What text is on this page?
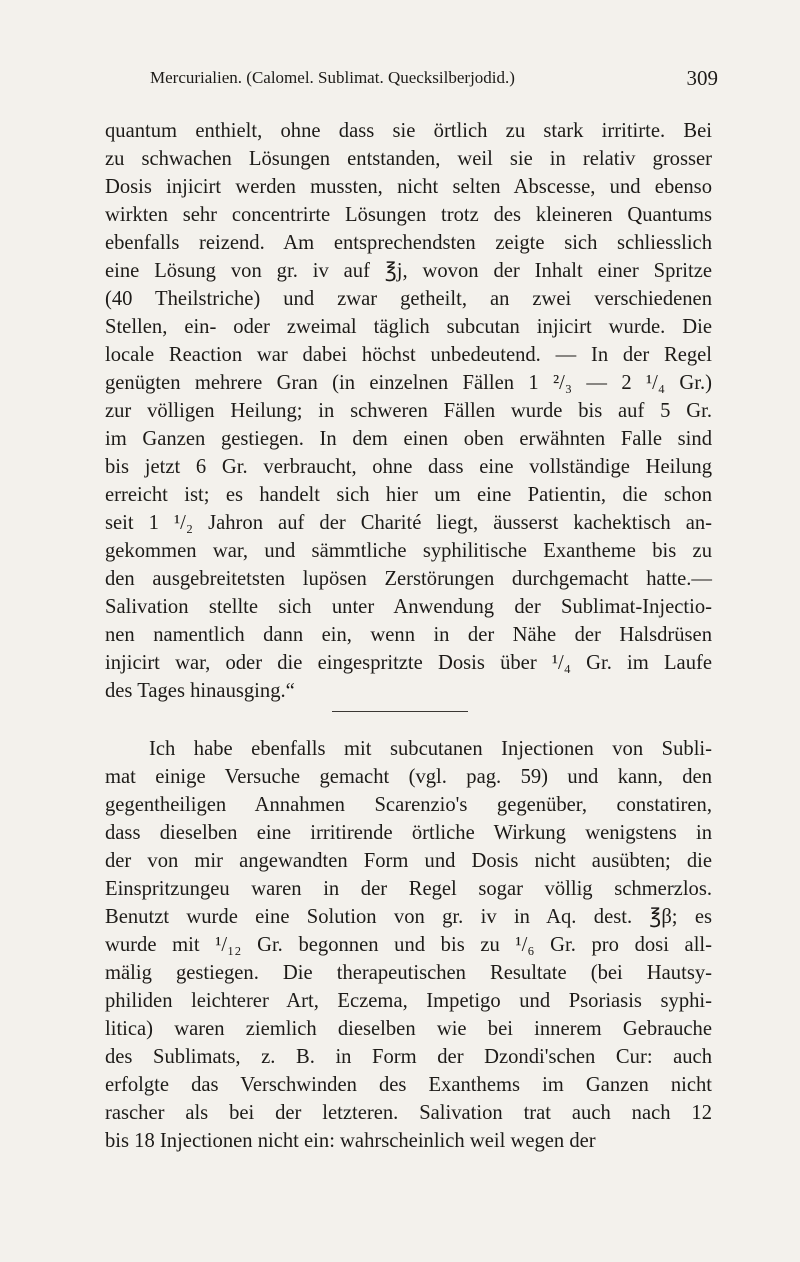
Mercurialien. (Calomel. Sublimat. Quecksilberjodid.)	309
quantum enthielt, ohne dass sie örtlich zu stark irritirte. Bei
zu schwachen Lösungen entstanden, weil sie in relativ grosser
Dosis injicirt werden mussten, nicht selten Abscesse, und ebenso
wirkten sehr concentrirte Lösungen trotz des kleineren Quantums
ebenfalls reizend. Am entsprechendsten zeigte sich schliesslich
eine Lösung von gr. iv auf ℥j, wovon der Inhalt einer Spritze
(40 Theilstriche) und zwar getheilt, an zwei verschiedenen
Stellen, ein- oder zweimal täglich subcutan injicirt wurde. Die
locale Reaction war dabei höchst unbedeutend. — In der Regel
genügten mehrere Gran (in einzelnen Fällen 1 ²/₃ — 2 ¹/₄ Gr.)
zur völligen Heilung; in schweren Fällen wurde bis auf 5 Gr.
im Ganzen gestiegen. In dem einen oben erwähnten Falle sind
bis jetzt 6 Gr. verbraucht, ohne dass eine vollständige Heilung
erreicht ist; es handelt sich hier um eine Patientin, die schon
seit 1 ¹/₂ Jahron auf der Charité liegt, äusserst kachektisch an-
gekommen war, und sämmtliche syphilitische Exantheme bis zu
den ausgebreitetsten lupösen Zerstörungen durchgemacht hatte.—
Salivation stellte sich unter Anwendung der Sublimat-Injectio-
nen namentlich dann ein, wenn in der Nähe der Halsdrüsen
injicirt war, oder die eingespritzte Dosis über ¹/₄ Gr. im Laufe
des Tages hinausging.“
Ich habe ebenfalls mit subcutanen Injectionen von Subli-
mat einige Versuche gemacht (vgl. pag. 59) und kann, den
gegentheiligen Annahmen Scarenzio's gegenüber, constatiren,
dass dieselben eine irritirende örtliche Wirkung wenigstens in
der von mir angewandten Form und Dosis nicht ausübten; die
Einspritzungeu waren in der Regel sogar völlig schmerzlos.
Benutzt wurde eine Solution von gr. iv in Aq. dest. ℥β; es
wurde mit ¹/₁₂ Gr. begonnen und bis zu ¹/₆ Gr. pro dosi all-
mälig gestiegen. Die therapeutischen Resultate (bei Hautsy-
philiden leichterer Art, Eczema, Impetigo und Psoriasis syphi-
litica) waren ziemlich dieselben wie bei innerem Gebrauche
des Sublimats, z. B. in Form der Dzondi'schen Cur: auch
erfolgte das Verschwinden des Exanthems im Ganzen nicht
rascher als bei der letzteren. Salivation trat auch nach 12
bis 18 Injectionen nicht ein: wahrscheinlich weil wegen der
